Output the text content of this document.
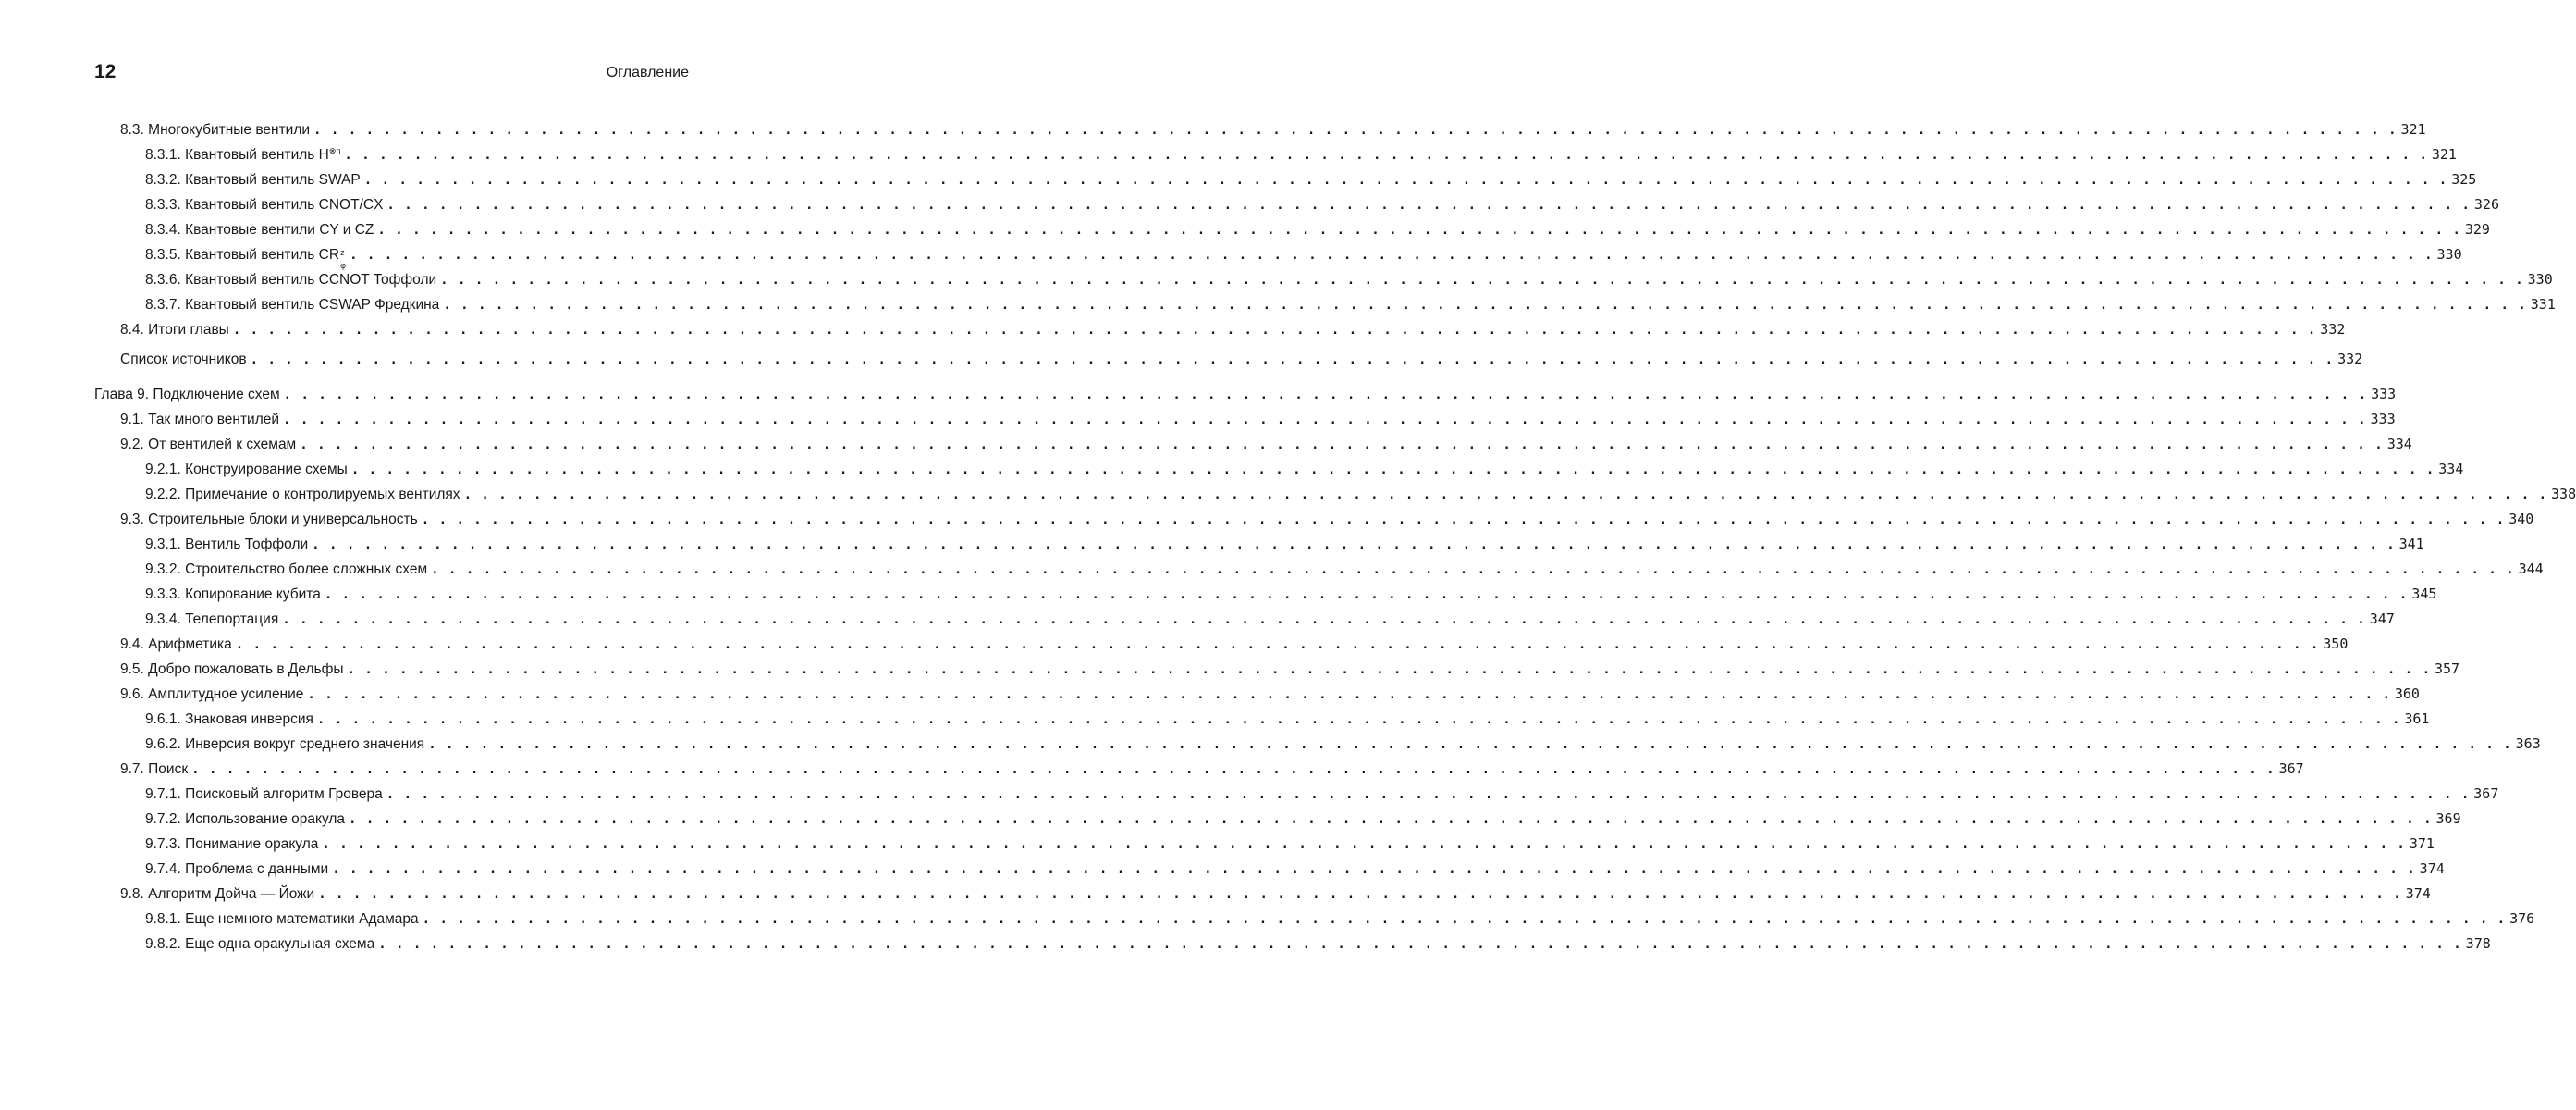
12	Оглавление
8.3. Многокубитные вентили . . . . . . . . . . . . . . . . . . . . . . . . . . . . . . . . . . . . . . . . . . . . . . . . . . . . . . . . . . . . . . . . . . . . . . . . . . . . . . . . . . . . . . . . . . . . . . . . . . . . . . . . . . . . . . . . . . . . . . . . 321
8.3.1. Квантовый вентиль $H^{\otimes n}$ . . . . . . . . . . . . . . . . . . . . . . . . . . . . . . . . . . . . . . . . . . . . . . . . . . . . . . . . . . . . . . . . . . . . . . . . . . . . . . . . . . . . . . . . . . . . . . . . . . . . . . . . . . . . . . . . . . . . . . . . 321
8.3.2. Квантовый вентиль SWAP . . . . . . . . . . . . . . . . . . . . . . . . . . . . . . . . . . . . . . . . . . . . . . . . . . . . . . . . . . . . . . . . . . . . . . . . . . . . . . . . . . . . . . . . . . . . . . . . . . . . . . . . . . . . . . . . . . . . . . . . 325
8.3.3. Квантовый вентиль CNOT/CX . . . . . . . . . . . . . . . . . . . . . . . . . . . . . . . . . . . . . . . . . . . . . . . . . . . . . . . . . . . . . . . . . . . . . . . . . . . . . . . . . . . . . . . . . . . . . . . . . . . . . . . . . . . . . . . . . . . . . . . . 326
8.3.4. Квантовые вентили CY и CZ . . . . . . . . . . . . . . . . . . . . . . . . . . . . . . . . . . . . . . . . . . . . . . . . . . . . . . . . . . . . . . . . . . . . . . . . . . . . . . . . . . . . . . . . . . . . . . . . . . . . . . . . . . . . . . . . . . . . . . . . 329
8.3.5. Квантовый вентиль CR z
φ
. . . . . . . . . . . . . . . . . . . . . . . . . . . . . . . . . . . . . . . . . . . . . . . . . . . . . . . . . . . . . . . . . . . . . . . . . . . . . . . . . . . . . . . . . . . . . . . . . . . . . . . . . . . . . . . . . . . . . . . . 330
8.3.6. Квантовый вентиль CCNOT Тоффоли . . . . . . . . . . . . . . . . . . . . . . . . . . . . . . . . . . . . . . . . . . . . . . . . . . . . . . . . . . . . . . . . . . . . . . . . . . . . . . . . . . . . . . . . . . . . . . . . . . . . . . . . . . . . . . . . . . . . . . . . 330
8.3.7. Квантовый вентиль CSWAP Фредкина . . . . . . . . . . . . . . . . . . . . . . . . . . . . . . . . . . . . . . . . . . . . . . . . . . . . . . . . . . . . . . . . . . . . . . . . . . . . . . . . . . . . . . . . . . . . . . . . . . . . . . . . . . . . . . . . . . . . . . . . 331
8.4. Итоги главы . . . . . . . . . . . . . . . . . . . . . . . . . . . . . . . . . . . . . . . . . . . . . . . . . . . . . . . . . . . . . . . . . . . . . . . . . . . . . . . . . . . . . . . . . . . . . . . . . . . . . . . . . . . . . . . . . . . . . . . . 332
Список источников . . . . . . . . . . . . . . . . . . . . . . . . . . . . . . . . . . . . . . . . . . . . . . . . . . . . . . . . . . . . . . . . . . . . . . . . . . . . . . . . . . . . . . . . . . . . . . . . . . . . . . . . . . . . . . . . . . . . . . . . 332
Глава 9. Подключение схем . . . . . . . . . . . . . . . . . . . . . . . . . . . . . . . . . . . . . . . . . . . . . . . . . . . . . . . . . . . . . . . . . . . . . . . . . . . . . . . . . . . . . . . . . . . . . . . . . . . . . . . . . . . . . . . . . . . . . . . . 333
9.1. Так много вентилей . . . . . . . . . . . . . . . . . . . . . . . . . . . . . . . . . . . . . . . . . . . . . . . . . . . . . . . . . . . . . . . . . . . . . . . . . . . . . . . . . . . . . . . . . . . . . . . . . . . . . . . . . . . . . . . . . . . . . . . . 333
9.2. От вентилей к схемам . . . . . . . . . . . . . . . . . . . . . . . . . . . . . . . . . . . . . . . . . . . . . . . . . . . . . . . . . . . . . . . . . . . . . . . . . . . . . . . . . . . . . . . . . . . . . . . . . . . . . . . . . . . . . . . . . . . . . . . . 334
9.2.1. Конструирование схемы . . . . . . . . . . . . . . . . . . . . . . . . . . . . . . . . . . . . . . . . . . . . . . . . . . . . . . . . . . . . . . . . . . . . . . . . . . . . . . . . . . . . . . . . . . . . . . . . . . . . . . . . . . . . . . . . . . . . . . . . 334
9.2.2. Примечание о контролируемых вентилях . . . . . . . . . . . . . . . . . . . . . . . . . . . . . . . . . . . . . . . . . . . . . . . . . . . . . . . . . . . . . . . . . . . . . . . . . . . . . . . . . . . . . . . . . . . . . . . . . . . . . . . . . . . . . . . . . . . . . . . . 338
9.3. Строительные блоки и универсальность . . . . . . . . . . . . . . . . . . . . . . . . . . . . . . . . . . . . . . . . . . . . . . . . . . . . . . . . . . . . . . . . . . . . . . . . . . . . . . . . . . . . . . . . . . . . . . . . . . . . . . . . . . . . . . . . . . . . . . . . 340
9.3.1. Вентиль Тоффоли . . . . . . . . . . . . . . . . . . . . . . . . . . . . . . . . . . . . . . . . . . . . . . . . . . . . . . . . . . . . . . . . . . . . . . . . . . . . . . . . . . . . . . . . . . . . . . . . . . . . . . . . . . . . . . . . . . . . . . . . 341
9.3.2. Строительство более сложных схем . . . . . . . . . . . . . . . . . . . . . . . . . . . . . . . . . . . . . . . . . . . . . . . . . . . . . . . . . . . . . . . . . . . . . . . . . . . . . . . . . . . . . . . . . . . . . . . . . . . . . . . . . . . . . . . . . . . . . . . . 344
9.3.3. Копирование кубита . . . . . . . . . . . . . . . . . . . . . . . . . . . . . . . . . . . . . . . . . . . . . . . . . . . . . . . . . . . . . . . . . . . . . . . . . . . . . . . . . . . . . . . . . . . . . . . . . . . . . . . . . . . . . . . . . . . . . . . . 345
9.3.4. Телепортация . . . . . . . . . . . . . . . . . . . . . . . . . . . . . . . . . . . . . . . . . . . . . . . . . . . . . . . . . . . . . . . . . . . . . . . . . . . . . . . . . . . . . . . . . . . . . . . . . . . . . . . . . . . . . . . . . . . . . . . . 347
9.4. Арифметика . . . . . . . . . . . . . . . . . . . . . . . . . . . . . . . . . . . . . . . . . . . . . . . . . . . . . . . . . . . . . . . . . . . . . . . . . . . . . . . . . . . . . . . . . . . . . . . . . . . . . . . . . . . . . . . . . . . . . . . . 350
9.5. Добро пожаловать в Дельфы . . . . . . . . . . . . . . . . . . . . . . . . . . . . . . . . . . . . . . . . . . . . . . . . . . . . . . . . . . . . . . . . . . . . . . . . . . . . . . . . . . . . . . . . . . . . . . . . . . . . . . . . . . . . . . . . . . . . . . . . 357
9.6. Амплитудное усиление . . . . . . . . . . . . . . . . . . . . . . . . . . . . . . . . . . . . . . . . . . . . . . . . . . . . . . . . . . . . . . . . . . . . . . . . . . . . . . . . . . . . . . . . . . . . . . . . . . . . . . . . . . . . . . . . . . . . . . . . 360
9.6.1. Знаковая инверсия . . . . . . . . . . . . . . . . . . . . . . . . . . . . . . . . . . . . . . . . . . . . . . . . . . . . . . . . . . . . . . . . . . . . . . . . . . . . . . . . . . . . . . . . . . . . . . . . . . . . . . . . . . . . . . . . . . . . . . . . 361
9.6.2. Инверсия вокруг среднего значения . . . . . . . . . . . . . . . . . . . . . . . . . . . . . . . . . . . . . . . . . . . . . . . . . . . . . . . . . . . . . . . . . . . . . . . . . . . . . . . . . . . . . . . . . . . . . . . . . . . . . . . . . . . . . . . . . . . . . . . . 363
9.7. Поиск . . . . . . . . . . . . . . . . . . . . . . . . . . . . . . . . . . . . . . . . . . . . . . . . . . . . . . . . . . . . . . . . . . . . . . . . . . . . . . . . . . . . . . . . . . . . . . . . . . . . . . . . . . . . . . . . . . . . . . . . 367
9.7.1. Поисковый алгоритм Гровера . . . . . . . . . . . . . . . . . . . . . . . . . . . . . . . . . . . . . . . . . . . . . . . . . . . . . . . . . . . . . . . . . . . . . . . . . . . . . . . . . . . . . . . . . . . . . . . . . . . . . . . . . . . . . . . . . . . . . . . . 367
9.7.2. Использование оракула . . . . . . . . . . . . . . . . . . . . . . . . . . . . . . . . . . . . . . . . . . . . . . . . . . . . . . . . . . . . . . . . . . . . . . . . . . . . . . . . . . . . . . . . . . . . . . . . . . . . . . . . . . . . . . . . . . . . . . . . 369
9.7.3. Понимание оракула . . . . . . . . . . . . . . . . . . . . . . . . . . . . . . . . . . . . . . . . . . . . . . . . . . . . . . . . . . . . . . . . . . . . . . . . . . . . . . . . . . . . . . . . . . . . . . . . . . . . . . . . . . . . . . . . . . . . . . . . 371
9.7.4. Проблема с данными . . . . . . . . . . . . . . . . . . . . . . . . . . . . . . . . . . . . . . . . . . . . . . . . . . . . . . . . . . . . . . . . . . . . . . . . . . . . . . . . . . . . . . . . . . . . . . . . . . . . . . . . . . . . . . . . . . . . . . . . 374
9.8. Алгоритм Дойча — Йожи . . . . . . . . . . . . . . . . . . . . . . . . . . . . . . . . . . . . . . . . . . . . . . . . . . . . . . . . . . . . . . . . . . . . . . . . . . . . . . . . . . . . . . . . . . . . . . . . . . . . . . . . . . . . . . . . . . . . . . . . 374
9.8.1. Еще немного математики Адамара . . . . . . . . . . . . . . . . . . . . . . . . . . . . . . . . . . . . . . . . . . . . . . . . . . . . . . . . . . . . . . . . . . . . . . . . . . . . . . . . . . . . . . . . . . . . . . . . . . . . . . . . . . . . . . . . . . . . . . . . 376
9.8.2. Еще одна оракульная схема . . . . . . . . . . . . . . . . . . . . . . . . . . . . . . . . . . . . . . . . . . . . . . . . . . . . . . . . . . . . . . . . . . . . . . . . . . . . . . . . . . . . . . . . . . . . . . . . . . . . . . . . . . . . . . . . . . . . . . . . 378
